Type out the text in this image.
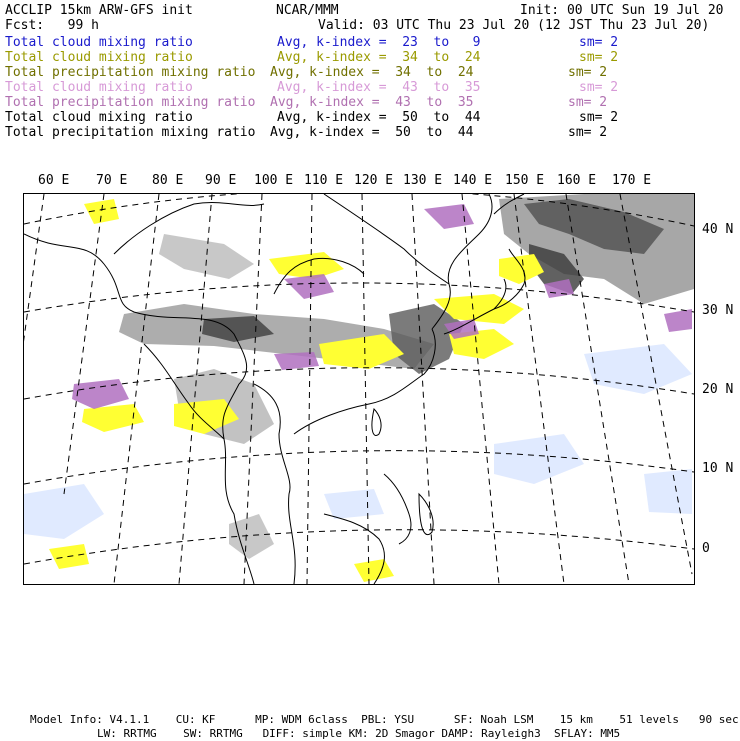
ACCLIP 15km ARW-GFS init	NCAR/MMM	Init: 00 UTC Sun 19 Jul 20
Fcst:   99 h	Valid: 03 UTC Thu 23 Jul 20 (12 JST Thu 23 Jul 20)
Total cloud mixing ratio	Avg, k-index =  23  to   9	sm= 2
Total cloud mixing ratio	Avg, k-index =  34  to  24	sm= 2
Total precipitation mixing ratio Avg, k-index =  34  to  24	sm= 2
Total cloud mixing ratio	Avg, k-index =  43  to  35	sm= 2
Total precipitation mixing ratio Avg, k-index =  43  to  35	sm= 2
Total cloud mixing ratio	Avg, k-index =  50  to  44	sm= 2
Total precipitation mixing ratio Avg, k-index =  50  to  44	sm= 2
60 E 70 E 80 E 90 E 100 E 110 E 120 E 130 E 140 E 150 E 160 E 170 E
40 N
30 N
20 N
10 N
0
Model Info: V4.1.1    CU: KF      MP: WDM 6class  PBL: YSU      SF: Noah LSM    15 km    51 levels   90 sec
LW: RRTMG    SW: RRTMG   DIFF: simple KM: 2D Smagor DAMP: Rayleigh3  SFLAY: MM5
